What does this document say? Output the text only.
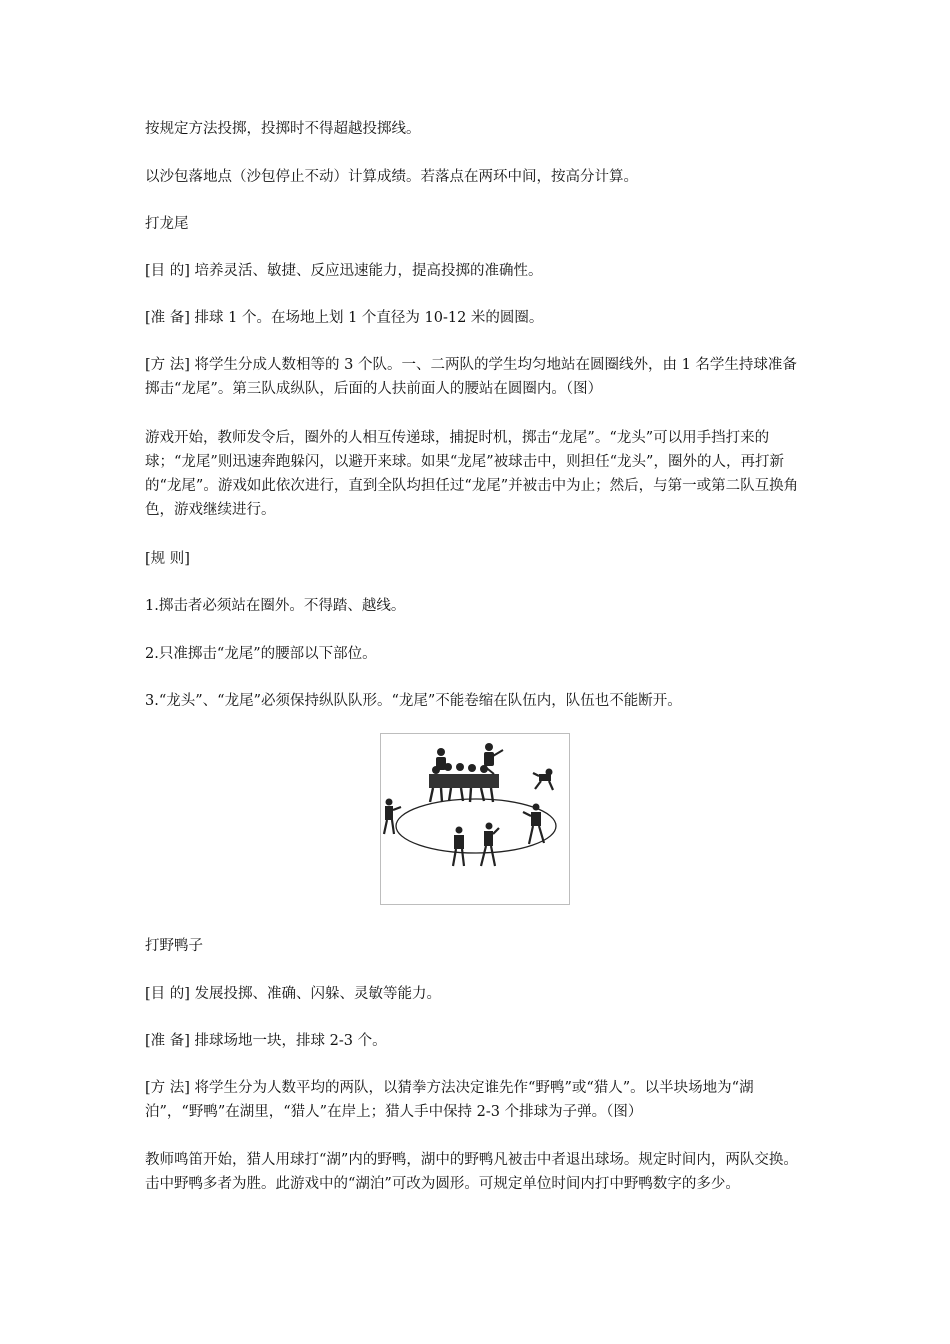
按规定方法投掷，投掷时不得超越投掷线。

以沙包落地点（沙包停止不动）计算成绩。若落点在两环中间，按高分计算。

打龙尾

[目 的] 培养灵活、敏捷、反应迅速能力，提高投掷的准确性。

[准 备] 排球 1 个。在场地上划 1 个直径为 10-12 米的圆圈。

[方 法] 将学生分成人数相等的 3 个队。一、二两队的学生均匀地站在圆圈线外，由 1 名学生持球准备掷击“龙尾”。第三队成纵队，后面的人扶前面人的腰站在圆圈内。（图）

游戏开始，教师发令后，圈外的人相互传递球，捕捉时机，掷击“龙尾”。“龙头”可以用手挡打来的球；“龙尾”则迅速奔跑躲闪，以避开来球。如果“龙尾”被球击中，则担任“龙头”，圈外的人，再打新的“龙尾”。游戏如此依次进行，直到全队均担任过“龙尾”并被击中为止；然后，与第一或第二队互换角色，游戏继续进行。

[规 则]

1.掷击者必须站在圈外。不得踏、越线。

2.只准掷击“龙尾”的腰部以下部位。

3.“龙头”、“龙尾”必须保持纵队队形。“龙尾”不能卷缩在队伍内，队伍也不能断开。

打野鸭子

[目 的] 发展投掷、准确、闪躲、灵敏等能力。

[准 备] 排球场地一块，排球 2-3 个。

[方 法] 将学生分为人数平均的两队，以猜拳方法决定谁先作“野鸭”或“猎人”。以半块场地为“湖泊”，“野鸭”在湖里，“猎人”在岸上；猎人手中保持 2-3 个排球为子弹。（图）

教师鸣笛开始，猎人用球打“湖”内的野鸭，湖中的野鸭凡被击中者退出球场。规定时间内，两队交换。击中野鸭多者为胜。此游戏中的“湖泊”可改为圆形。可规定单位时间内打中野鸭数字的多少。
